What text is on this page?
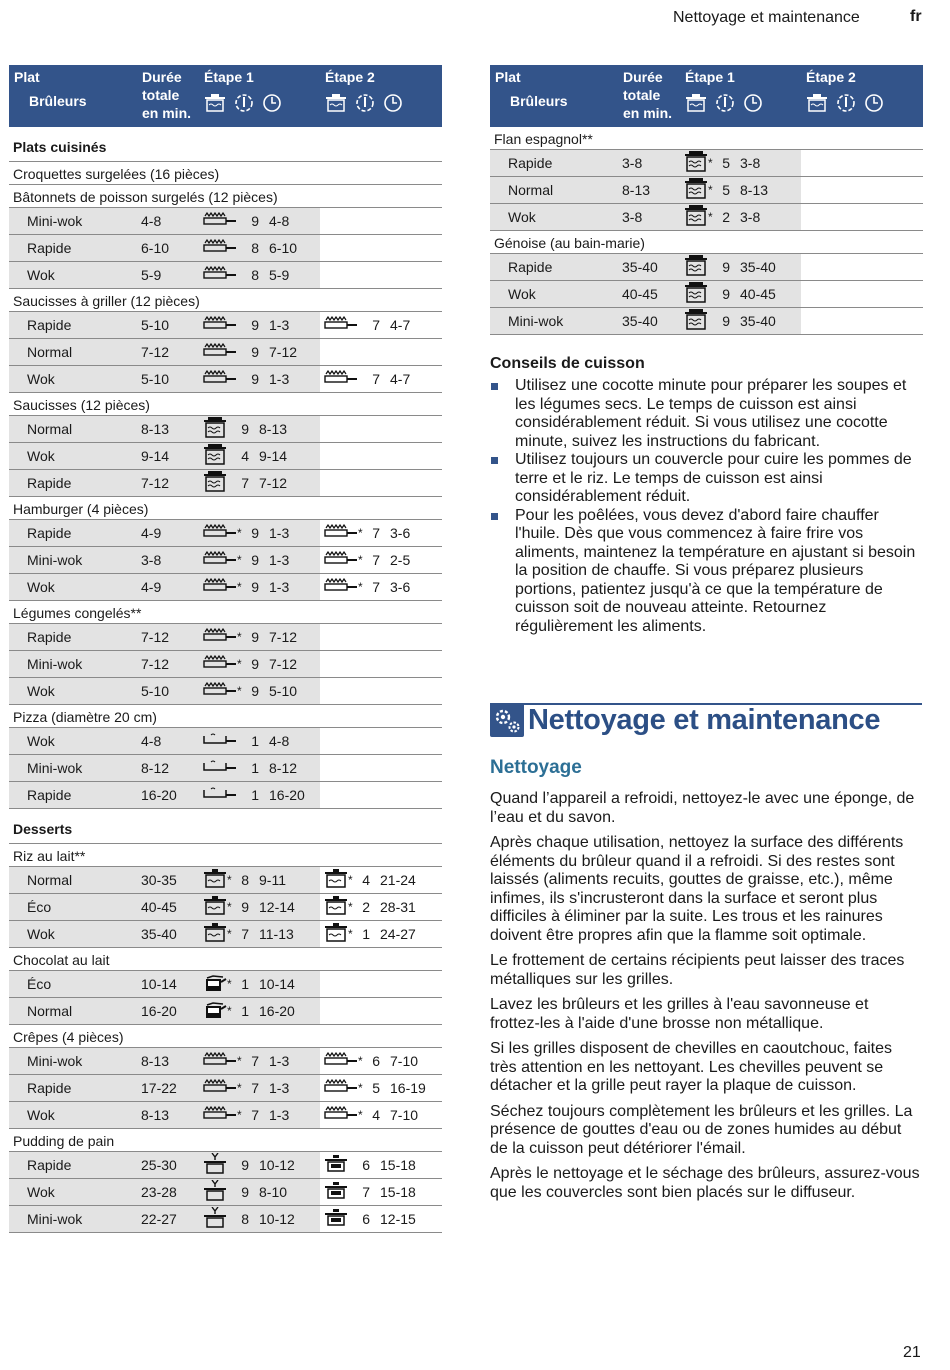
Nettoyage et maintenance	fr
Plat
Brûleurs	Durée
totale
en min.	Étape 1	Étape 2

Plats cuisinés			
Croquettes surgelées (16 pièces)			
Bâtonnets de poisson surgelés (12 pièces)			
Mini-wok	4-8	9 4-8	

Rapide	6-10	8 6-10	

Wok	5-9	8 5-9	

Saucisses à griller (12 pièces)			
Rapide	5-10	9 1-3	7 4-7

Normal	7-12	9 7-12	

Wok	5-10	9 1-3	7 4-7

Saucisses (12 pièces)			
Normal	8-13	9 8-13	

Wok	9-14	4 9-14	

Rapide	7-12	7 7-12	

Hamburger (4 pièces)			
Rapide	4-9	* 9 1-3	* 7 3-6

Mini-wok	3-8	* 9 1-3	* 7 2-5

Wok	4-9	* 9 1-3	* 7 3-6

Légumes congelés**			
Rapide	7-12	* 9 7-12	

Mini-wok	7-12	* 9 7-12	

Wok	5-10	* 9 5-10	

Pizza (diamètre 20 cm)			
Wok	4-8	1 4-8	

Mini-wok	8-12	1 8-12	

Rapide	16-20	1 16-20	

Desserts			
Riz au lait**			
Normal	30-35	* 8 9-11	* 4 21-24

Éco	40-45	* 9 12-14	* 2 28-31

Wok	35-40	* 7 11-13	* 1 24-27

Chocolat au lait			
Éco	10-14	* 1 10-14	

Normal	16-20	* 1 16-20	

Crêpes (4 pièces)			
Mini-wok	8-13	* 7 1-3	* 6 7-10

Rapide	17-22	* 7 1-3	* 5 16-19

Wok	8-13	* 7 1-3	* 4 7-10

Pudding de pain			
Rapide	25-30	9 10-12	6 15-18

Wok	23-28	9 8-10	7 15-18

Mini-wok	22-27	8 10-12	6 12-15
Plat
Brûleurs	Durée
totale
en min.	Étape 1	Étape 2

Flan espagnol**			
Rapide	3-8	* 5 3-8	

Normal	8-13	* 5 8-13	

Wok	3-8	* 2 3-8	

Génoise (au bain-marie)			
Rapide	35-40	9 35-40	

Wok	40-45	9 40-45	

Mini-wok	35-40	9 35-40	

Conseils de cuisson
Utilisez une cocotte minute pour préparer les soupes et les légumes secs. Le temps de cuisson est ainsi considérablement réduit. Si vous utilisez une cocotte minute, suivez les instructions du fabricant.
Utilisez toujours un couvercle pour cuire les pommes de terre et le riz. Le temps de cuisson est ainsi considérablement réduit.
Pour les poêlées, vous devez d'abord faire chauffer l'huile. Dès que vous commencez à faire frire vos aliments, maintenez la température en ajustant si besoin la position de chauffe. Si vous préparez plusieurs portions, patientez jusqu'à ce que la température de cuisson soit de nouveau atteinte. Retournez régulièrement les aliments.
Nettoyage et maintenance
Nettoyage

Quand l’appareil a refroidi, nettoyez-le avec une éponge, de l’eau et du savon.

Après chaque utilisation, nettoyez la surface des différents éléments du brûleur quand il a refroidi. Si des restes sont laissés (aliments recuits, gouttes de graisse, etc.), même infimes, ils s'incrusteront dans la surface et seront plus difficiles à éliminer par la suite. Les trous et les rainures doivent être propres afin que la flamme soit optimale.

Le frottement de certains récipients peut laisser des traces métalliques sur les grilles.

Lavez les brûleurs et les grilles à l'eau savonneuse et frottez-les à l'aide d'une brosse non métallique.

Si les grilles disposent de chevilles en caoutchouc, faites très attention en les nettoyant. Les chevilles peuvent se détacher et la grille peut rayer la plaque de cuisson.

Séchez toujours complètement les brûleurs et les grilles. La présence de gouttes d'eau ou de zones humides au début de la cuisson peut détériorer l'émail.

Après le nettoyage et le séchage des brûleurs, assurez-vous que les couvercles sont bien placés sur le diffuseur.

21
